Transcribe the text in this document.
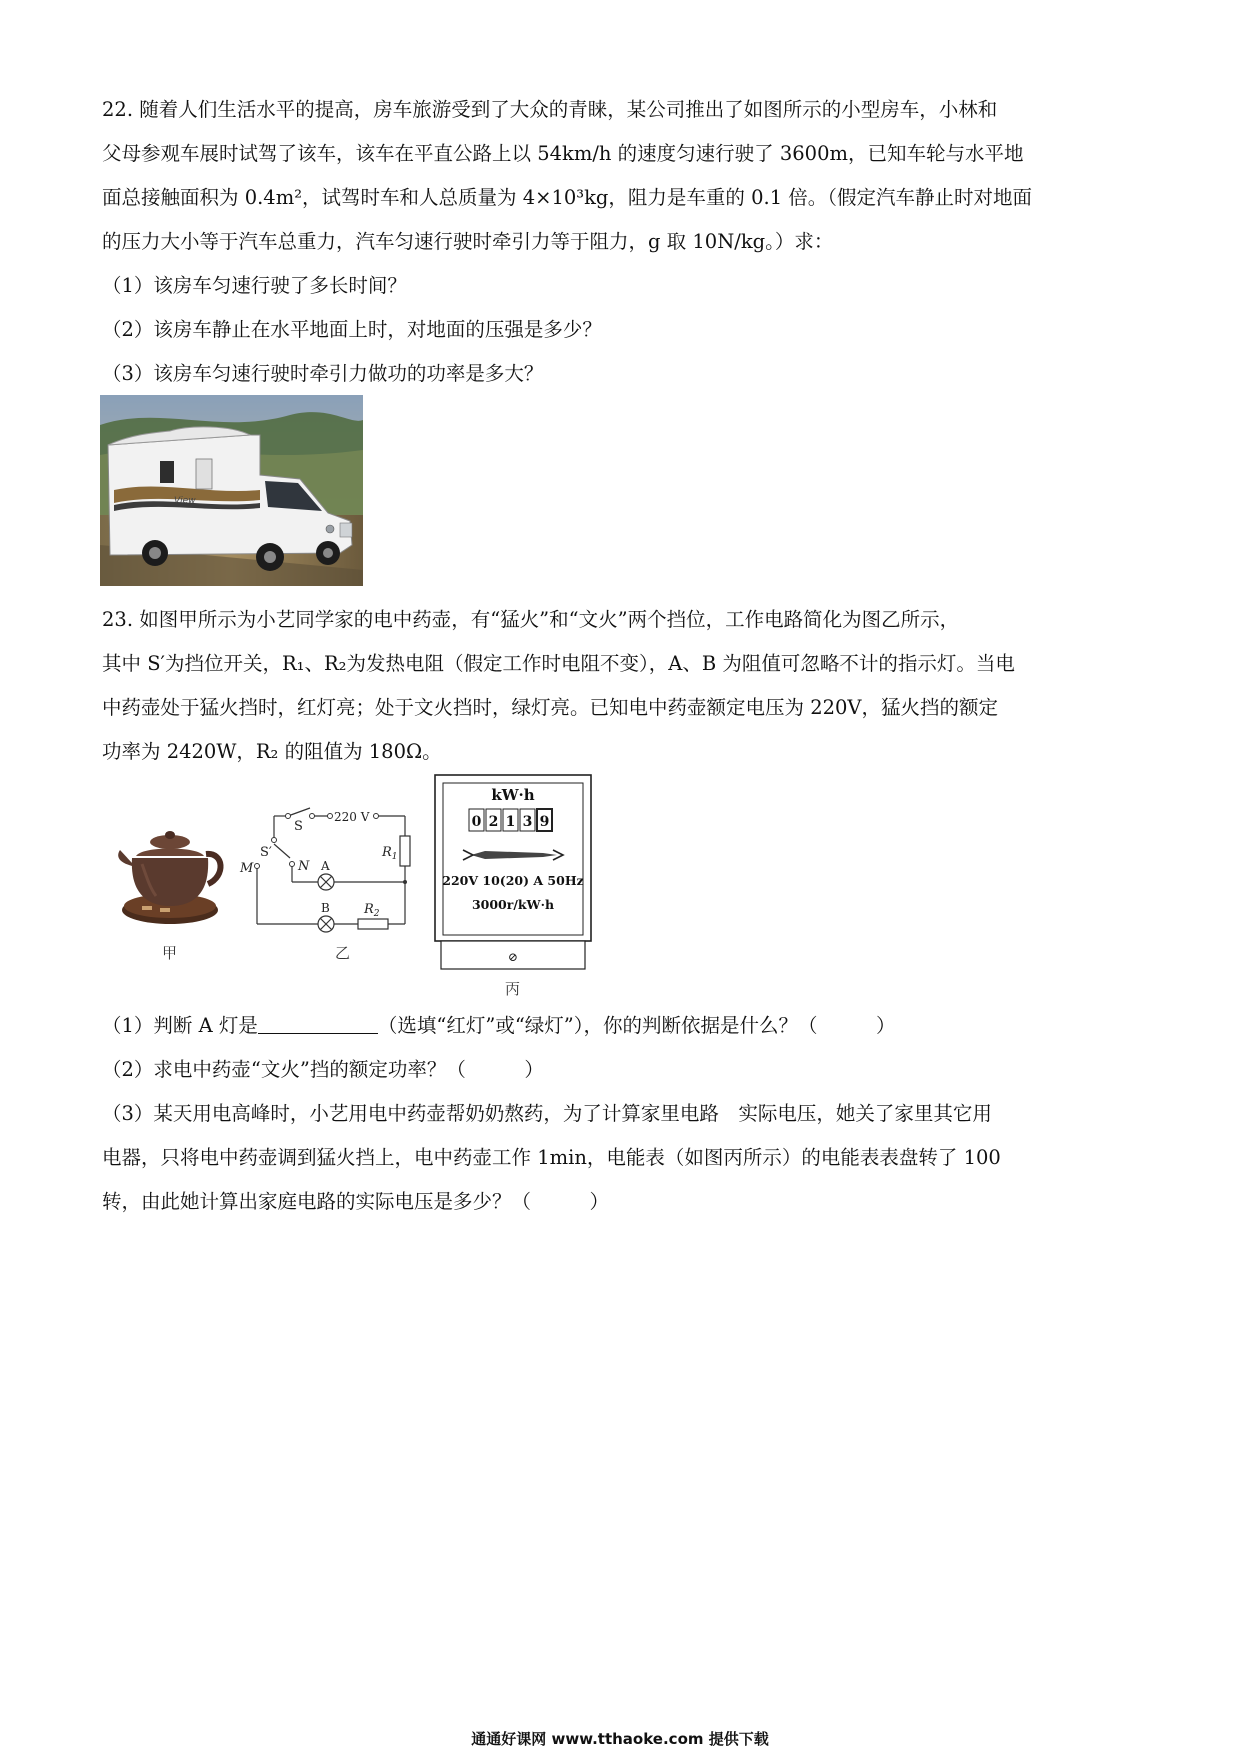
22. 随着人们生活水平的提高，房车旅游受到了大众的青睐，某公司推出了如图所示的小型房车，小林和
父母参观车展时试驾了该车，该车在平直公路上以 54km/h 的速度匀速行驶了 3600m，已知车轮与水平地
面总接触面积为 0.4m²，试驾时车和人总质量为 4×10³kg，阻力是车重的 0.1 倍。（假定汽车静止时对地面
的压力大小等于汽车总重力，汽车匀速行驶时牵引力等于阻力，g 取 10N/kg。）求：
（1）该房车匀速行驶了多长时间？
（2）该房车静止在水平地面上时，对地面的压强是多少？
（3）该房车匀速行驶时牵引力做功的功率是多大？
View
23. 如图甲所示为小艺同学家的电中药壶，有“猛火”和“文火”两个挡位，工作电路简化为图乙所示，
其中 S′为挡位开关，R₁、R₂为发热电阻（假定工作时电阻不变），A、B 为阻值可忽略不计的指示灯。当电
中药壶处于猛火挡时，红灯亮；处于文火挡时，绿灯亮。已知电中药壶额定电压为 220V，猛火挡的额定
功率为 2420W，R₂ 的阻值为 180Ω。
甲
S
220 V
S′
M	N A
B
$R_1$
$R_2$
乙
kW·h
0 2 1 3 9
220V 10(20) A 50Hz
3000r/kW·h
⊘
丙
（1）判断 A 灯是	（选填“红灯”或“绿灯”），你的判断依据是什么？（　　　）
（2）求电中药壶“文火”挡的额定功率？（　　　）
（3）某天用电高峰时，小艺用电中药壶帮奶奶熬药，为了计算家里电路　实际电压，她关了家里其它用
电器，只将电中药壶调到猛火挡上，电中药壶工作 1min，电能表（如图丙所示）的电能表表盘转了 100
转，由此她计算出家庭电路的实际电压是多少？（　　　）
通通好课网 www.tthaoke.com 提供下载
